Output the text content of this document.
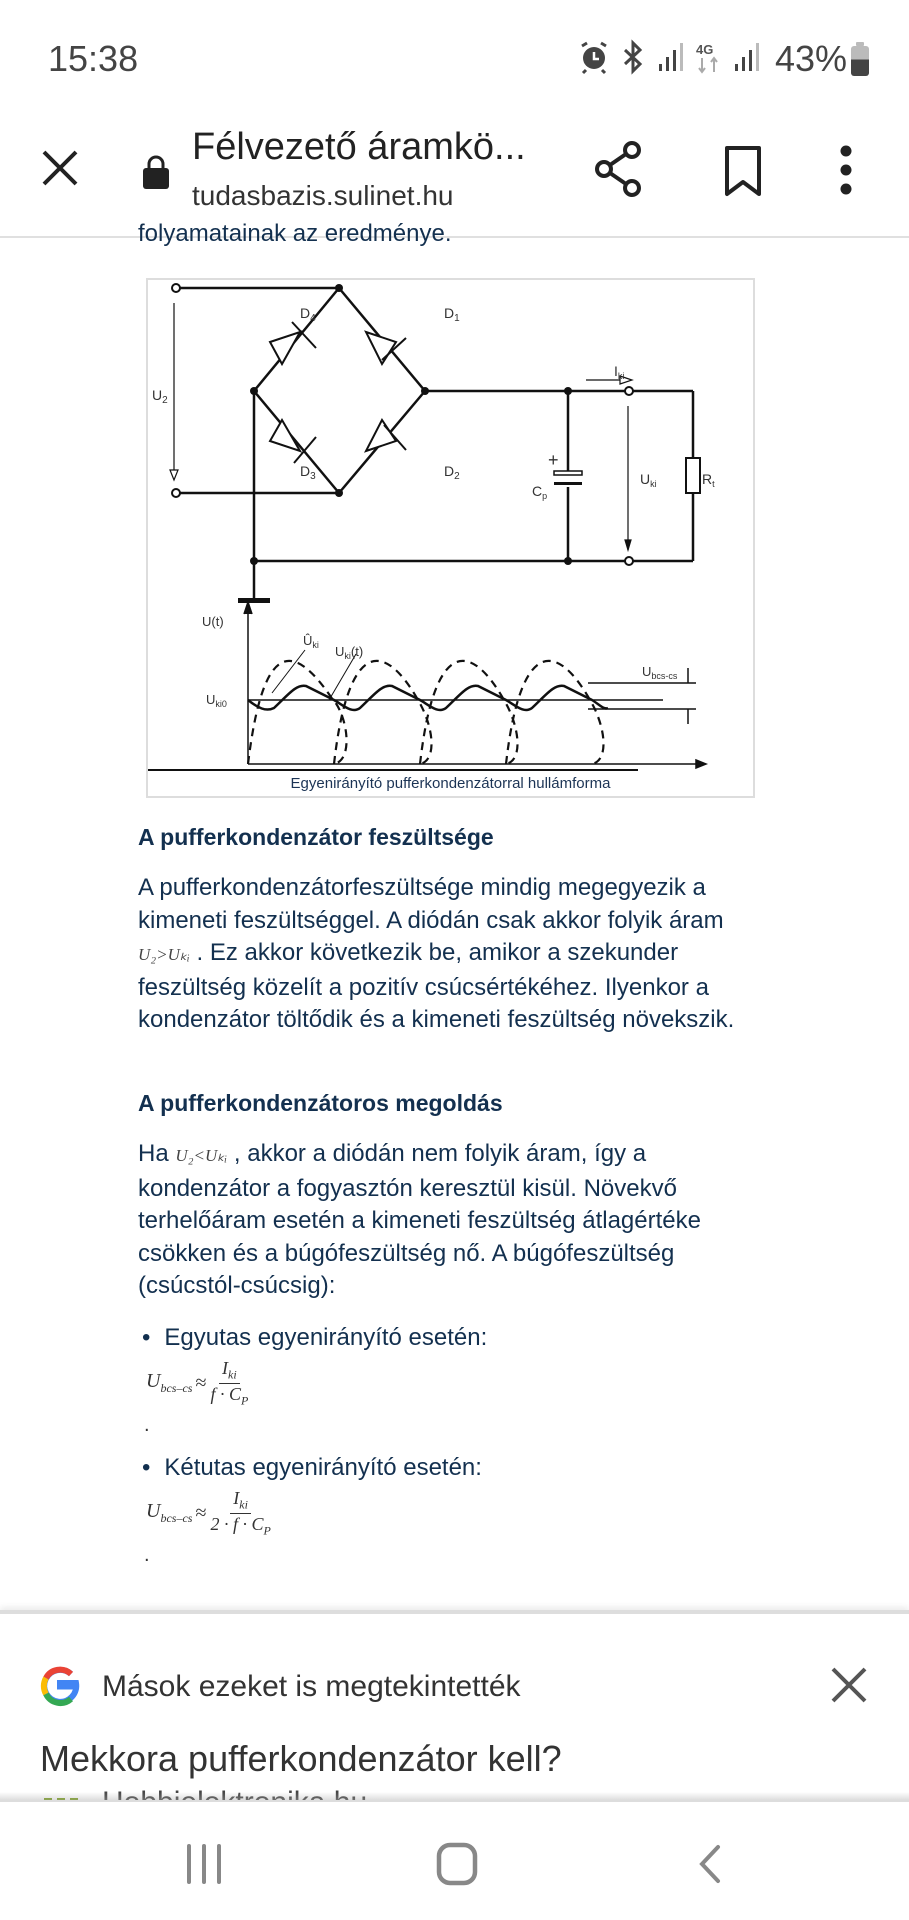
15:38	4G 43%
Félvezető áramkö...
tudasbazis.sulinet.hu
folyamatainak az eredménye.
$D_4$	$D_1$
$D_3$	$D_2$
$U_2$
$I_{ki}$
$U_{ki}$	$R_t$
$C_p$
+
U(t)
$Û_{ki}$ $U_{ki}(t)$
$U_{ki0}$
$U_{bcs-cs}$
Egyenirányító pufferkondenzátorral hullámforma
A pufferkondenzátor feszültsége
A pufferkondenzátorfeszültsége mindig megegyezik a kimeneti feszültséggel. A diódán csak akkor folyik áram U₂>Uₖᵢ . Ez akkor következik be, amikor a szekunder feszültség közelít a pozitív csúcsértékéhez. Ilyenkor a kondenzátor töltődik és a kimeneti feszültség növekszik.
A pufferkondenzátoros megoldás
Ha U₂<Uₖᵢ , akkor a diódán nem folyik áram, így a kondenzátor a fogyasztón keresztül kisül. Növekvő terhelőáram esetén a kimeneti feszültség átlagértéke csökken és a búgófeszültség nő. A búgófeszültség (csúcstól-csúcsig):
• Egyutas egyenirányító esetén:
$U_{bcs-cs} \approx \frac{I_{ki}}{f \cdot C_P}$
.
• Kétutas egyenirányító esetén:
$U_{bcs-cs} \approx \frac{I_{ki}}{2 \cdot f \cdot C_P}$
.
Mások ezeket is megtekintették
Mekkora pufferkondenzátor kell?
